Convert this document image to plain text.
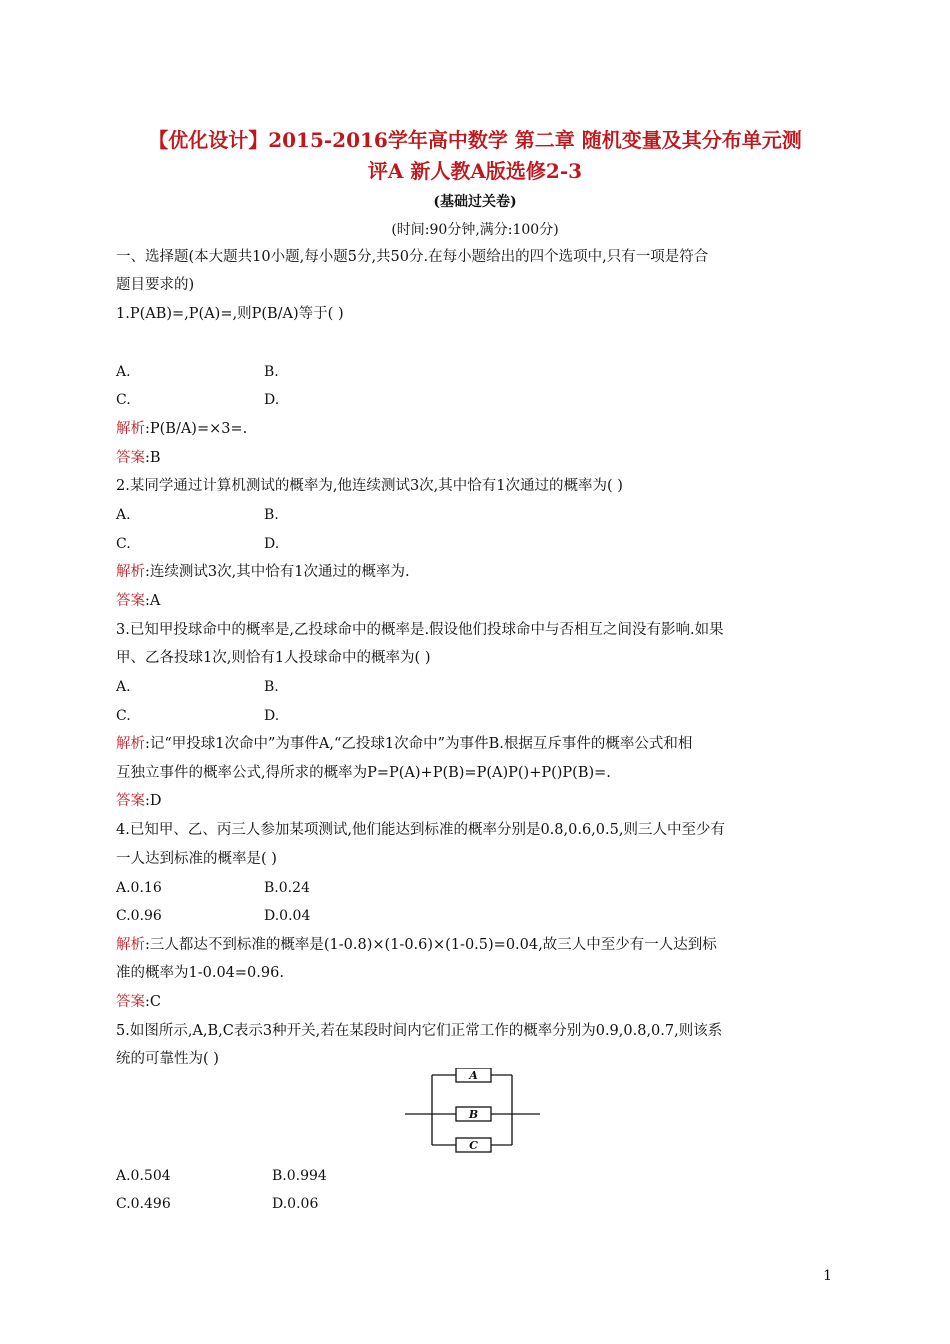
【优化设计】2015-2016学年高中数学 第二章 随机变量及其分布单元测
评A 新人教A版选修2-3
(基础过关卷)
(时间:90分钟,满分:100分)
一、选择题(本大题共10小题,每小题5分,共50分.在每小题给出的四个选项中,只有一项是符合
题目要求的)
1.P(AB)=,P(A)=,则P(B/A)等于( )
A.	B.
C.	D.
解析:P(B/A)=×3=.
答案:B
2.某同学通过计算机测试的概率为,他连续测试3次,其中恰有1次通过的概率为( )
A.	B.
C.	D.
解析:连续测试3次,其中恰有1次通过的概率为.
答案:A
3.已知甲投球命中的概率是,乙投球命中的概率是.假设他们投球命中与否相互之间没有影响.如果
甲、乙各投球1次,则恰有1人投球命中的概率为( )
A.	B.
C.	D.
解析:记“甲投球1次命中”为事件A,“乙投球1次命中”为事件B.根据互斥事件的概率公式和相
互独立事件的概率公式,得所求的概率为P=P(A)+P(B)=P(A)P()+P()P(B)=.
答案:D
4.已知甲、乙、丙三人参加某项测试,他们能达到标准的概率分别是0.8,0.6,0.5,则三人中至少有
一人达到标准的概率是( )
A.0.16	B.0.24
C.0.96	D.0.04
解析:三人都达不到标准的概率是(1-0.8)×(1-0.6)×(1-0.5)=0.04,故三人中至少有一人达到标
准的概率为1-0.04=0.96.
答案:C
5.如图所示,A,B,C表示3种开关,若在某段时间内它们正常工作的概率分别为0.9,0.8,0.7,则该系
统的可靠性为( )
A
B
C
A.0.504	B.0.994
C.0.496	D.0.06
1
